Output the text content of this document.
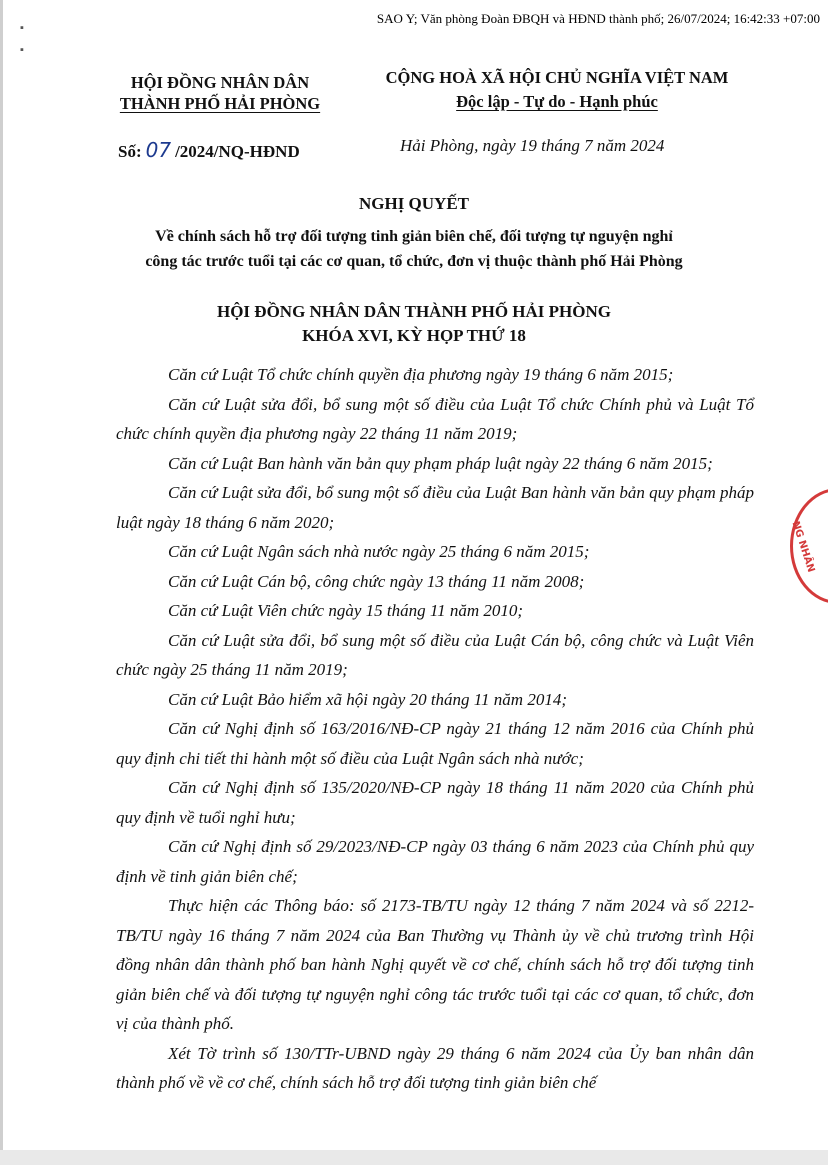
SAO Y; Văn phòng Đoàn ĐBQH và HĐND thành phố; 26/07/2024; 16:42:33 +07:00
▪
▪
HỘI ĐỒNG NHÂN DÂN
THÀNH PHỐ HẢI PHÒNG
CỘNG HOÀ XÃ HỘI CHỦ NGHĨA VIỆT NAM
Độc lập - Tự do - Hạnh phúc
Số: 07 /2024/NQ-HĐND	Hải Phòng, ngày 19 tháng 7 năm 2024
NGHỊ QUYẾT
Về chính sách hỗ trợ đối tượng tinh giản biên chế, đối tượng tự nguyện nghỉ
công tác trước tuổi tại các cơ quan, tổ chức, đơn vị thuộc thành phố Hải Phòng
HỘI ĐỒNG NHÂN DÂN THÀNH PHỐ HẢI PHÒNG
KHÓA XVI, KỲ HỌP THỨ 18

Căn cứ Luật Tổ chức chính quyền địa phương ngày 19 tháng 6 năm 2015;

Căn cứ Luật sửa đổi, bổ sung một số điều của Luật Tổ chức Chính phủ và Luật Tổ chức chính quyền địa phương ngày 22 tháng 11 năm 2019;

Căn cứ Luật Ban hành văn bản quy phạm pháp luật ngày 22 tháng 6 năm 2015;

Căn cứ Luật sửa đổi, bổ sung một số điều của Luật Ban hành văn bản quy phạm pháp luật ngày 18 tháng 6 năm 2020;

Căn cứ Luật Ngân sách nhà nước ngày 25 tháng 6 năm 2015;

Căn cứ Luật Cán bộ, công chức ngày 13 tháng 11 năm 2008;

Căn cứ Luật Viên chức ngày 15 tháng 11 năm 2010;

Căn cứ Luật sửa đổi, bổ sung một số điều của Luật Cán bộ, công chức và Luật Viên chức ngày 25 tháng 11 năm 2019;

Căn cứ Luật Bảo hiểm xã hội ngày 20 tháng 11 năm 2014;

Căn cứ Nghị định số 163/2016/NĐ-CP ngày 21 tháng 12 năm 2016 của Chính phủ quy định chi tiết thi hành một số điều của Luật Ngân sách nhà nước;

Căn cứ Nghị định số 135/2020/NĐ-CP ngày 18 tháng 11 năm 2020 của Chính phủ quy định về tuổi nghỉ hưu;

Căn cứ Nghị định số 29/2023/NĐ-CP ngày 03 tháng 6 năm 2023 của Chính phủ quy định về tinh giản biên chế;

Thực hiện các Thông báo: số 2173-TB/TU ngày 12 tháng 7 năm 2024 và số 2212-TB/TU ngày 16 tháng 7 năm 2024 của Ban Thường vụ Thành ủy về chủ trương trình Hội đồng nhân dân thành phố ban hành Nghị quyết về cơ chế, chính sách hỗ trợ đối tượng tinh giản biên chế và đối tượng tự nguyện nghỉ công tác trước tuổi tại các cơ quan, tổ chức, đơn vị của thành phố.

Xét Tờ trình số 130/TTr-UBND ngày 29 tháng 6 năm 2024 của Ủy ban nhân dân thành phố về về cơ chế, chính sách hỗ trợ đối tượng tinh giản biên chế

NG NHÂN
